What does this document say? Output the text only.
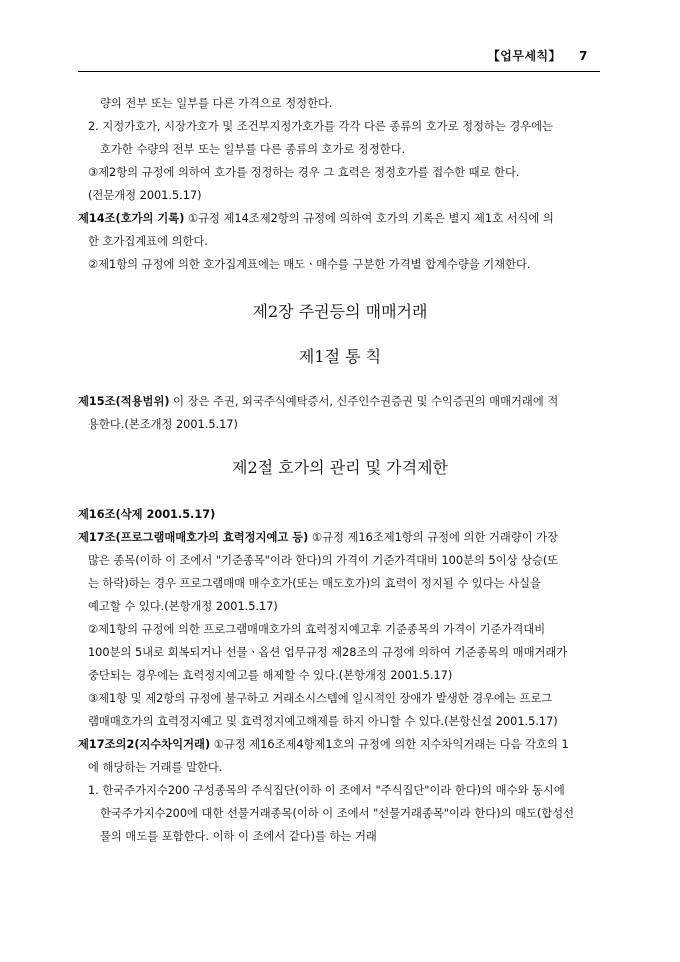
【업무세칙】 7

량의 전부 또는 일부를 다른 가격으로 정정한다.

2. 지정가호가, 시장가호가 및 조건부지정가호가를 각각 다른 종류의 호가로 정정하는 경우에는

호가한 수량의 전부 또는 일부를 다른 종류의 호가로 정정한다.

③제2항의 규정에 의하여 호가를 정정하는 경우 그 효력은 정정호가를 접수한 때로 한다.

(전문개정 2001.5.17)

제14조(호가의 기록) ①규정 제14조제2항의 규정에 의하여 호가의 기록은 별지 제1호 서식에 의

한 호가집계표에 의한다.

②제1항의 규정에 의한 호가집계표에는 매도ㆍ매수를 구분한 가격별 합계수량을 기재한다.

제2장 주권등의 매매거래
제1절 통 칙

제15조(적용범위) 이 장은 주권, 외국주식예탁증서, 신주인수권증권 및 수익증권의 매매거래에 적

용한다.(본조개정 2001.5.17)

제2절 호가의 관리 및 가격제한

제16조(삭제 2001.5.17)

제17조(프로그램매매호가의 효력정지예고 등) ①규정 제16조제1항의 규정에 의한 거래량이 가장

많은 종목(이하 이 조에서 "기준종목"이라 한다)의 가격이 기준가격대비 100분의 5이상 상승(또

는 하락)하는 경우 프로그램매매 매수호가(또는 매도호가)의 효력이 정지될 수 있다는 사실을

예고할 수 있다.(본항개정 2001.5.17)

②제1항의 규정에 의한 프로그램매매호가의 효력정지예고후 기준종목의 가격이 기준가격대비

100분의 5내로 회복되거나 선물ㆍ옵션 업무규정 제28조의 규정에 의하여 기준종목의 매매거래가

중단되는 경우에는 효력정지예고를 해제할 수 있다.(본항개정 2001.5.17)

③제1항 및 제2항의 규정에 불구하고 거래소시스템에 일시적인 장애가 발생한 경우에는 프로그

램매매호가의 효력정지예고 및 효력정지예고해제를 하지 아니할 수 있다.(본항신설 2001.5.17)

제17조의2(지수차익거래) ①규정 제16조제4항제1호의 규정에 의한 지수차익거래는 다음 각호의 1

에 해당하는 거래를 말한다.

1. 한국주가지수200 구성종목의 주식집단(이하 이 조에서 "주식집단"이라 한다)의 매수와 동시에

한국주가지수200에 대한 선물거래종목(이하 이 조에서 "선물거래종목"이라 한다)의 매도(합성선

물의 매도를 포함한다. 이하 이 조에서 같다)를 하는 거래
